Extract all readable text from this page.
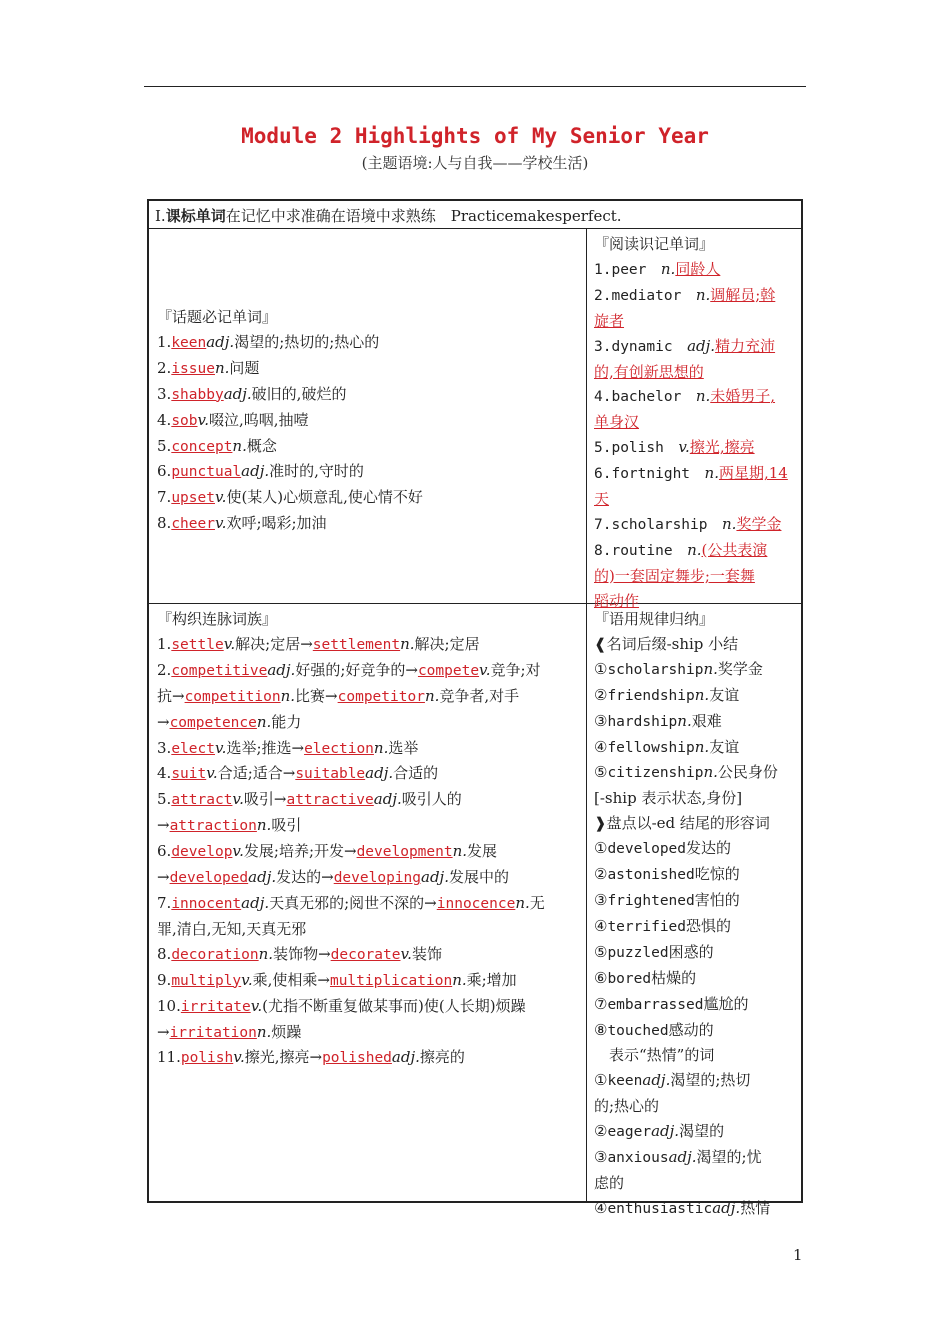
Module 2 Highlights of My Senior Year
(主题语境:人与自我——学校生活)
Ⅰ.课标单词在记忆中求准确在语境中求熟练　Practicemakesperfect.
『话题必记单词』
1.keenadj.渴望的;热切的;热心的
2.issuen.问题
3.shabbyadj.破旧的,破烂的
4.sobv.啜泣,呜咽,抽噎
5.conceptn.概念
6.punctualadj.准时的,守时的
7.upsetv.使(某人)心烦意乱,使心情不好
8.cheerv.欢呼;喝彩;加油
『阅读识记单词』
1.peer　n.同龄人
2.mediator　n.调解员;斡
旋者
3.dynamic　adj.精力充沛
的,有创新思想的
4.bachelor　n.未婚男子,
单身汉
5.polish　v.擦光,擦亮
6.fortnight　n.两星期,14
天
7.scholarship　n.奖学金
8.routine　n.(公共表演
的)一套固定舞步;一套舞
蹈动作
『构织连脉词族』
1.settlev.解决;定居→settlementn.解决;定居
2.competitiveadj.好强的;好竞争的→competev.竞争;对
抗→competitionn.比赛→competitorn.竞争者,对手
→competencen.能力
3.electv.选举;推选→electionn.选举
4.suitv.合适;适合→suitableadj.合适的
5.attractv.吸引→attractiveadj.吸引人的
→attractionn.吸引
6.developv.发展;培养;开发→developmentn.发展
→developedadj.发达的→developingadj.发展中的
7.innocentadj.天真无邪的;阅世不深的→innocencen.无
罪,清白,无知,天真无邪
8.decorationn.装饰物→decoratev.装饰
9.multiplyv.乘,使相乘→multiplicationn.乘;增加
10.irritatev.(尤指不断重复做某事而)使(人长期)烦躁
→irritationn.烦躁
11.polishv.擦光,擦亮→polishedadj.擦亮的
『语用规律归纳』
❰名词后缀-ship 小结
①scholarshipn.奖学金
②friendshipn.友谊
③hardshipn.艰难
④fellowshipn.友谊
⑤citizenshipn.公民身份
[-ship 表示状态,身份]
❱盘点以-ed 结尾的形容词
①developed发达的
②astonished吃惊的
③frightened害怕的
④terrified恐惧的
⑤puzzled困惑的
⑥bored枯燥的
⑦embarrassed尴尬的
⑧touched感动的
　表示“热情”的词
①keenadj.渴望的;热切
的;热心的
②eageradj.渴望的
③anxiousadj.渴望的;忧
虑的
④enthusiasticadj.热情
1
